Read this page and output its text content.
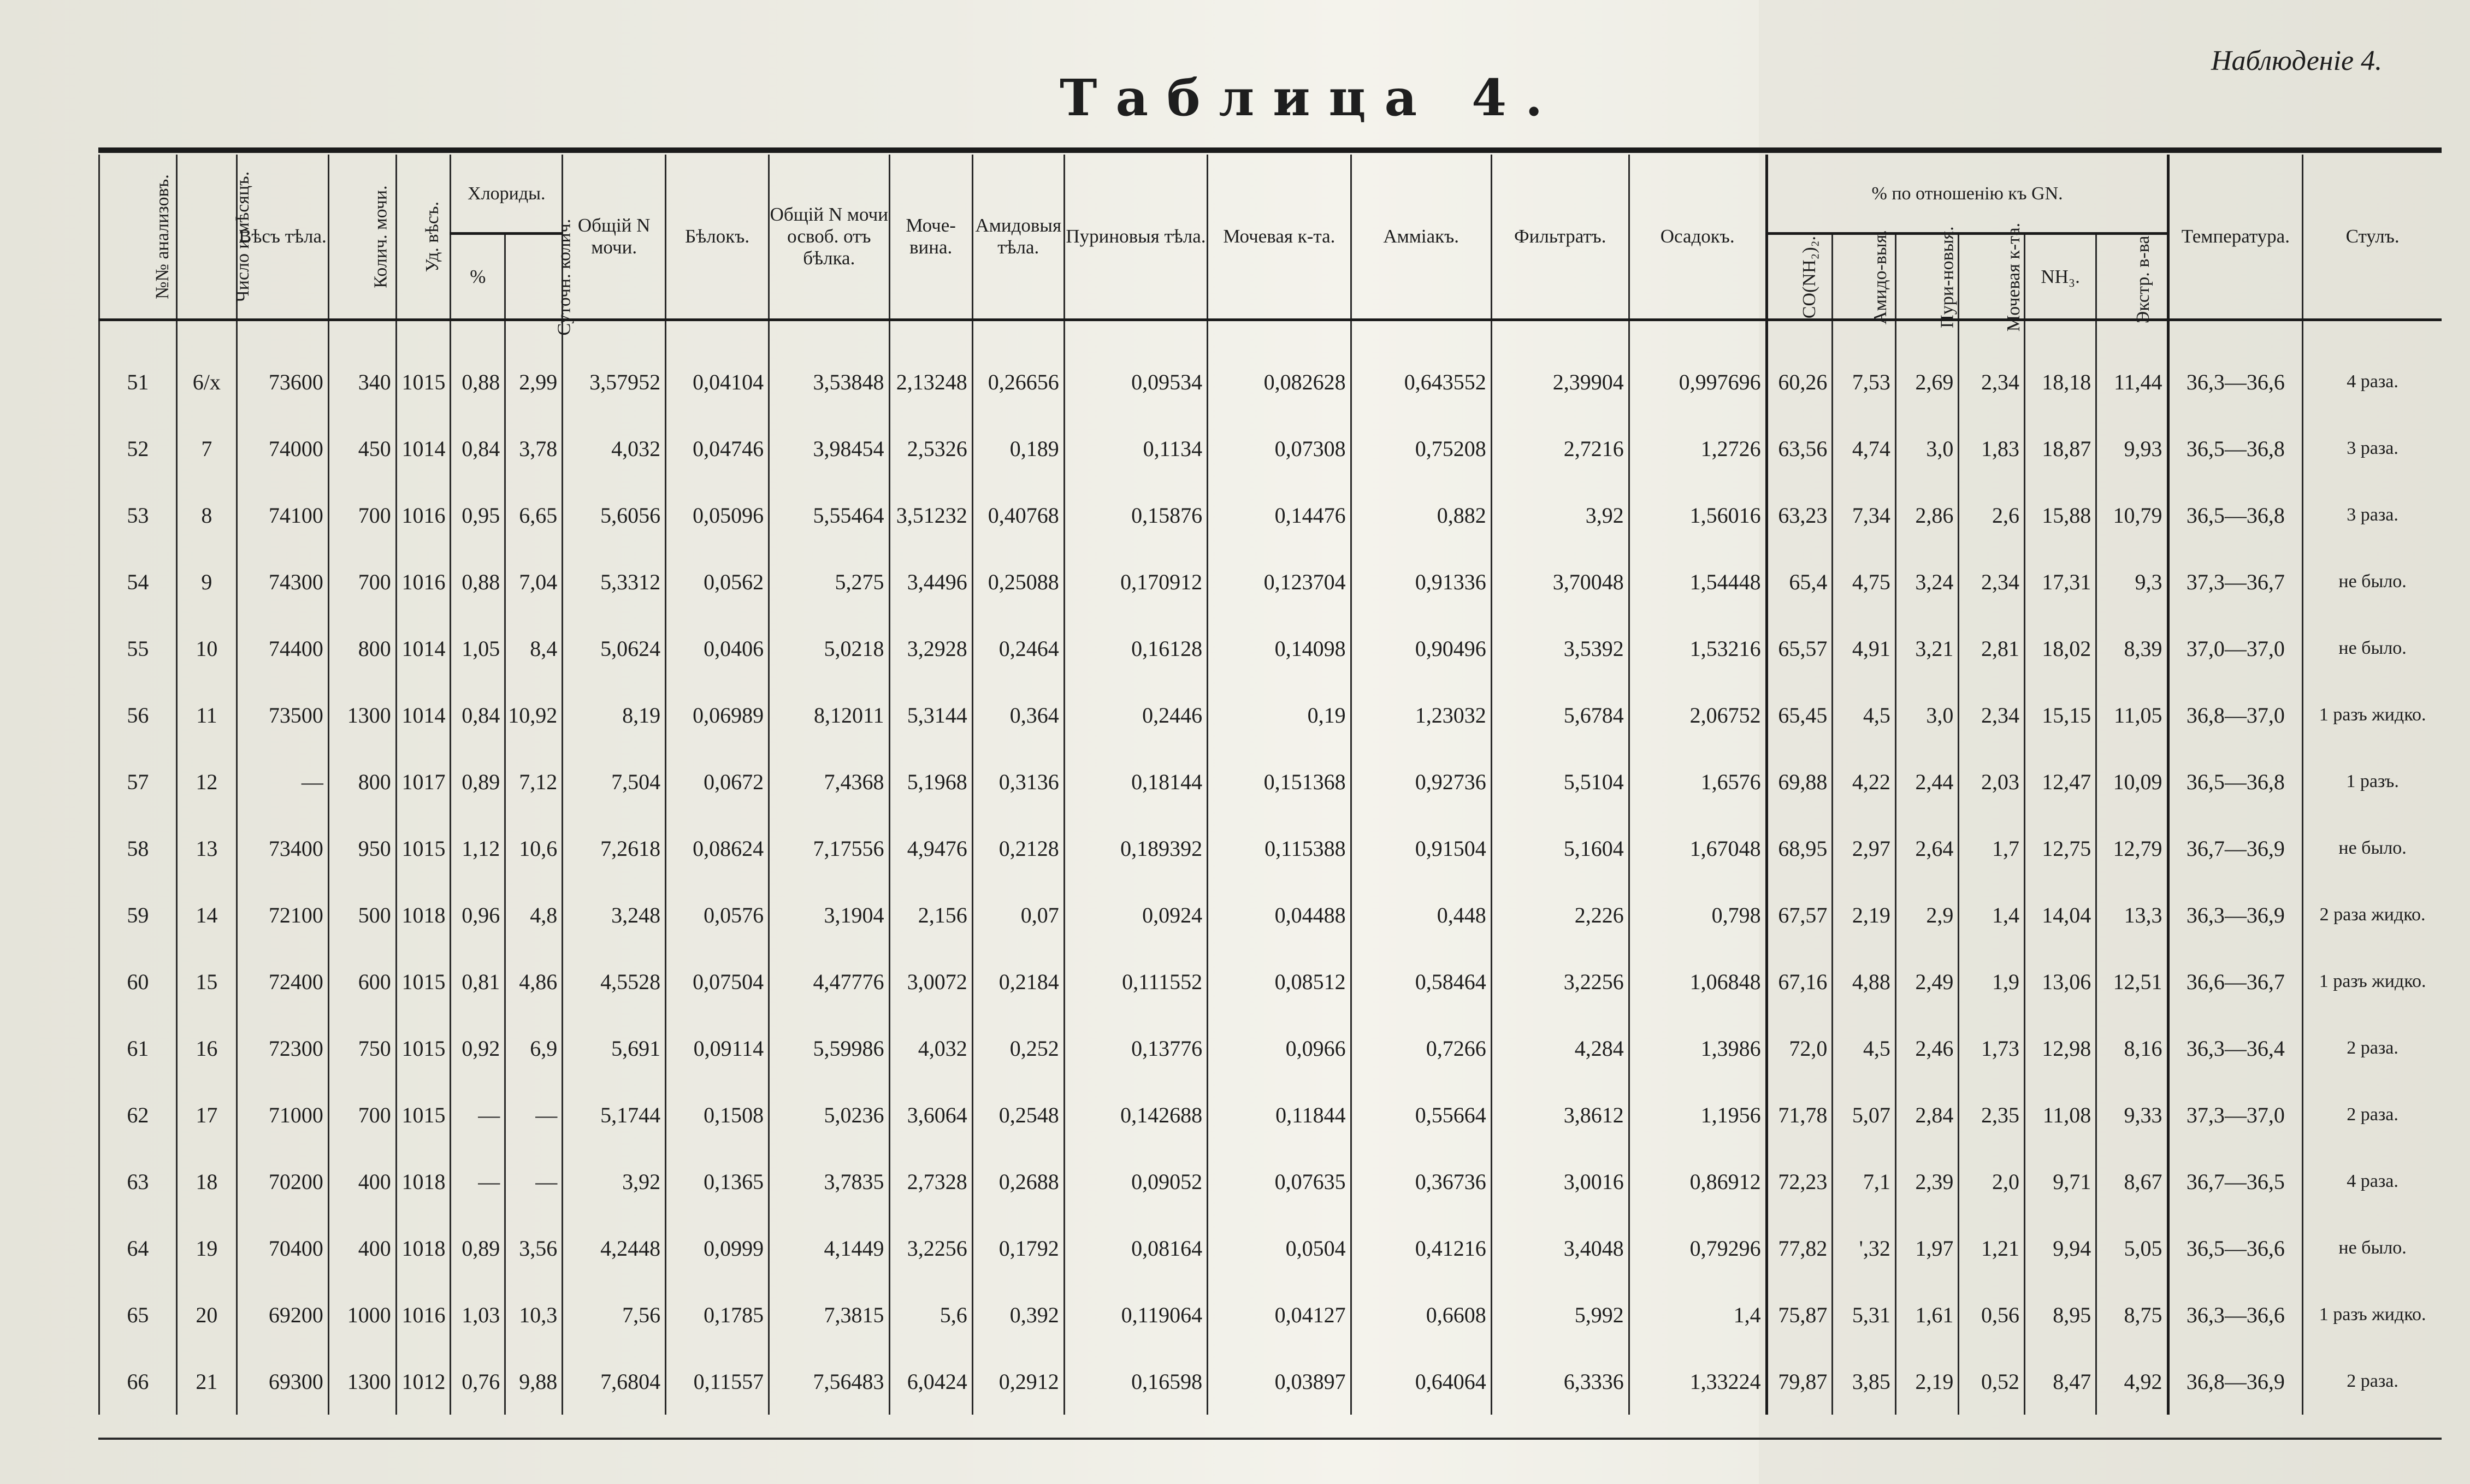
Таблица 4.
Наблюденіе 4.
№№ анализовъ.	Число и мѣсяцъ.	Вѣсъ тѣла.	Колич. мочи.	Уд. вѣсъ.	Хлориды.		Общій N мочи.	Бѣлокъ.	Общій N мочи освоб. отъ бѣлка.	Моче-вина.	Амидовыя тѣла.	Пуриновыя тѣла.	Мочевая к-та.	Аммiакъ.	Фильтратъ.	Осадокъ.	% по отношенію къ GN.						Температура.	Стулъ.
					%	Суточн. колич.											CO(NH₂)₂.	Амидо-выя.	Пури-новыя.	Мочевая к-та.	NH₃.	Экстр. в-ва.		

51	6/x	73600	340	1015	0,88	2,99	3,57952	0,04104	3,53848	2,13248	0,26656	0,09534	0,082628	0,643552	2,39904	0,997696	60,26	7,53	2,69	2,34	18,18	11,44	36,3—36,6	4 раза.
52	7	74000	450	1014	0,84	3,78	4,032	0,04746	3,98454	2,5326	0,189	0,1134	0,07308	0,75208	2,7216	1,2726	63,56	4,74	3,0	1,83	18,87	9,93	36,5—36,8	3 раза.
53	8	74100	700	1016	0,95	6,65	5,6056	0,05096	5,55464	3,51232	0,40768	0,15876	0,14476	0,882	3,92	1,56016	63,23	7,34	2,86	2,6	15,88	10,79	36,5—36,8	3 раза.
54	9	74300	700	1016	0,88	7,04	5,3312	0,0562	5,275	3,4496	0,25088	0,170912	0,123704	0,91336	3,70048	1,54448	65,4	4,75	3,24	2,34	17,31	9,3	37,3—36,7	не было.
55	10	74400	800	1014	1,05	8,4	5,0624	0,0406	5,0218	3,2928	0,2464	0,16128	0,14098	0,90496	3,5392	1,53216	65,57	4,91	3,21	2,81	18,02	8,39	37,0—37,0	не было.
56	11	73500	1300	1014	0,84	10,92	8,19	0,06989	8,12011	5,3144	0,364	0,2446	0,19	1,23032	5,6784	2,06752	65,45	4,5	3,0	2,34	15,15	11,05	36,8—37,0	1 разъ жидко.
57	12	—	800	1017	0,89	7,12	7,504	0,0672	7,4368	5,1968	0,3136	0,18144	0,151368	0,92736	5,5104	1,6576	69,88	4,22	2,44	2,03	12,47	10,09	36,5—36,8	1 разъ.
58	13	73400	950	1015	1,12	10,6	7,2618	0,08624	7,17556	4,9476	0,2128	0,189392	0,115388	0,91504	5,1604	1,67048	68,95	2,97	2,64	1,7	12,75	12,79	36,7—36,9	не было.
59	14	72100	500	1018	0,96	4,8	3,248	0,0576	3,1904	2,156	0,07	0,0924	0,04488	0,448	2,226	0,798	67,57	2,19	2,9	1,4	14,04	13,3	36,3—36,9	2 раза жидко.
60	15	72400	600	1015	0,81	4,86	4,5528	0,07504	4,47776	3,0072	0,2184	0,111552	0,08512	0,58464	3,2256	1,06848	67,16	4,88	2,49	1,9	13,06	12,51	36,6—36,7	1 разъ жидко.
61	16	72300	750	1015	0,92	6,9	5,691	0,09114	5,59986	4,032	0,252	0,13776	0,0966	0,7266	4,284	1,3986	72,0	4,5	2,46	1,73	12,98	8,16	36,3—36,4	2 раза.
62	17	71000	700	1015	—	—	5,1744	0,1508	5,0236	3,6064	0,2548	0,142688	0,11844	0,55664	3,8612	1,1956	71,78	5,07	2,84	2,35	11,08	9,33	37,3—37,0	2 раза.
63	18	70200	400	1018	—	—	3,92	0,1365	3,7835	2,7328	0,2688	0,09052	0,07635	0,36736	3,0016	0,86912	72,23	7,1	2,39	2,0	9,71	8,67	36,7—36,5	4 раза.
64	19	70400	400	1018	0,89	3,56	4,2448	0,0999	4,1449	3,2256	0,1792	0,08164	0,0504	0,41216	3,4048	0,79296	77,82	',32	1,97	1,21	9,94	5,05	36,5—36,6	не было.
65	20	69200	1000	1016	1,03	10,3	7,56	0,1785	7,3815	5,6	0,392	0,119064	0,04127	0,6608	5,992	1,4	75,87	5,31	1,61	0,56	8,95	8,75	36,3—36,6	1 разъ жидко.
66	21	69300	1300	1012	0,76	9,88	7,6804	0,11557	7,56483	6,0424	0,2912	0,16598	0,03897	0,64064	6,3336	1,33224	79,87	3,85	2,19	0,52	8,47	4,92	36,8—36,9	2 раза.
